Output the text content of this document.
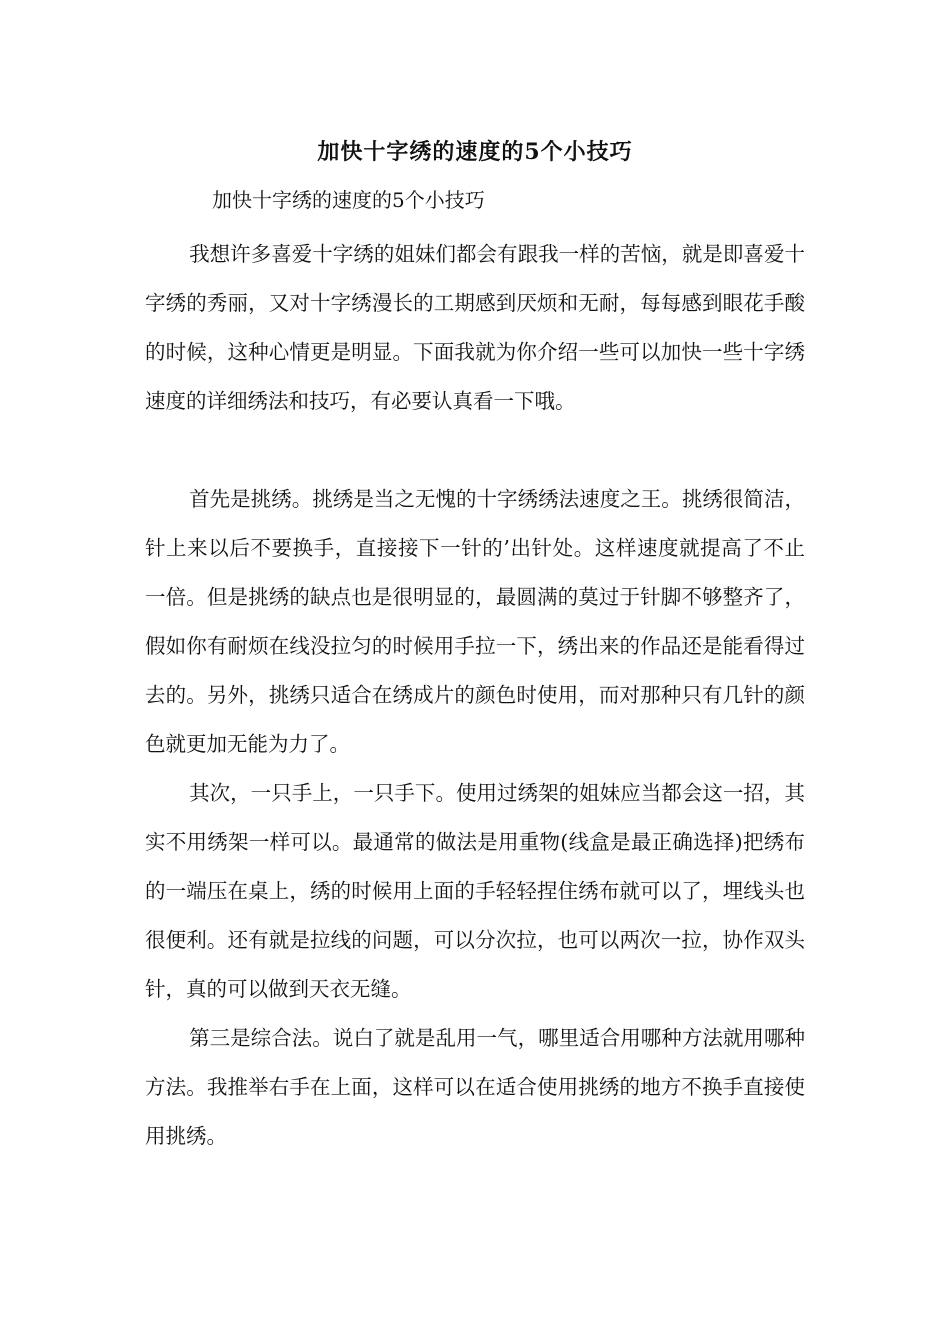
加快十字绣的速度的5个小技巧
加快十字绣的速度的5个小技巧

我想许多喜爱十字绣的姐妹们都会有跟我一样的苦恼，就是即喜爱十字绣的秀丽，又对十字绣漫长的工期感到厌烦和无耐，每每感到眼花手酸的时候，这种心情更是明显。下面我就为你介绍一些可以加快一些十字绣速度的详细绣法和技巧，有必要认真看一下哦。

首先是挑绣。挑绣是当之无愧的十字绣绣法速度之王。挑绣很简洁，针上来以后不要换手，直接接下一针的’出针处。这样速度就提高了不止一倍。但是挑绣的缺点也是很明显的，最圆满的莫过于针脚不够整齐了，假如你有耐烦在线没拉匀的时候用手拉一下，绣出来的作品还是能看得过去的。另外，挑绣只适合在绣成片的颜色时使用，而对那种只有几针的颜色就更加无能为力了。

其次，一只手上，一只手下。使用过绣架的姐妹应当都会这一招，其实不用绣架一样可以。最通常的做法是用重物(线盒是最正确选择)把绣布的一端压在桌上，绣的时候用上面的手轻轻捏住绣布就可以了，埋线头也很便利。还有就是拉线的问题，可以分次拉，也可以两次一拉，协作双头针，真的可以做到天衣无缝。

第三是综合法。说白了就是乱用一气，哪里适合用哪种方法就用哪种方法。我推举右手在上面，这样可以在适合使用挑绣的地方不换手直接使用挑绣。
